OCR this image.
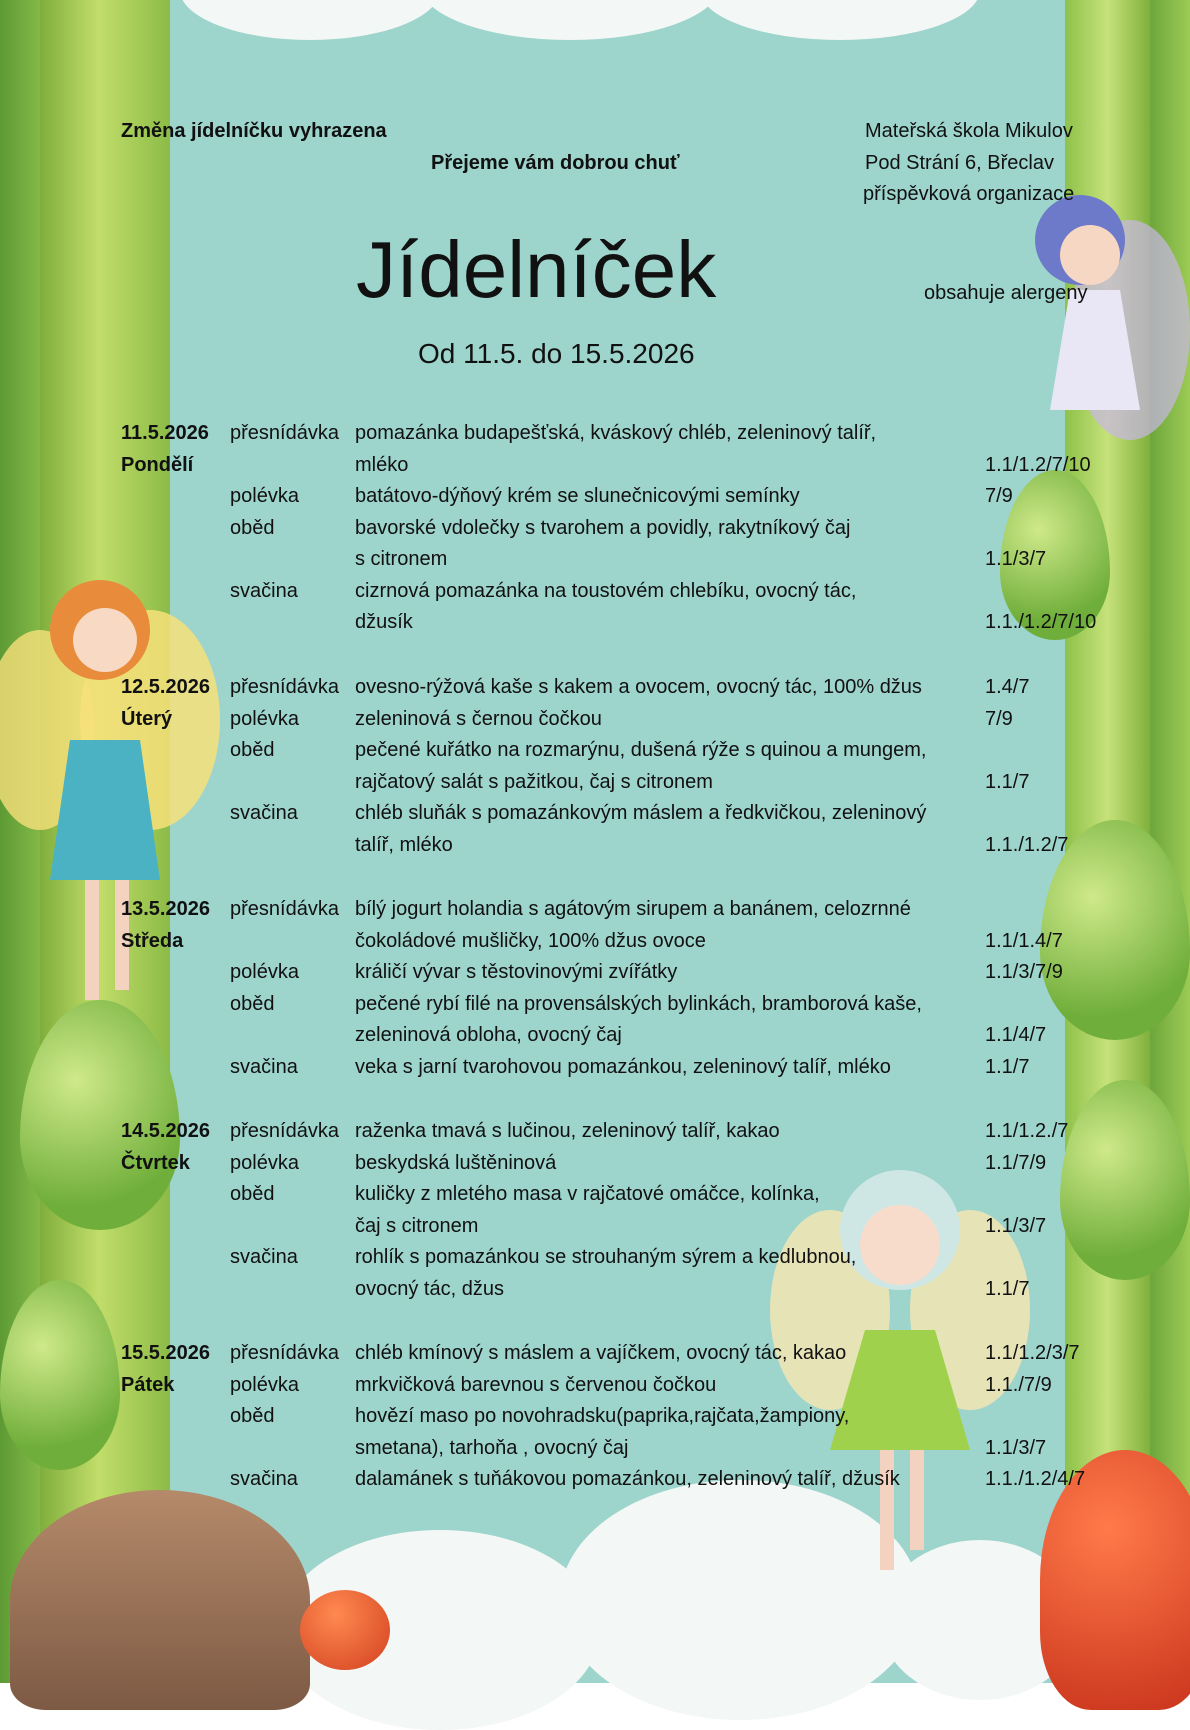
Změna jídelníčku vyhrazena
Přejeme vám dobrou chuť
Mateřská škola Mikulov
Pod Strání 6, Břeclav
příspěvková organizace
Jídelníček	obsahuje alergeny
Od 11.5. do 15.5.2026
11.5.2026
Pondělí
přesnídávka pomazánka budapešťská, kváskový chléb, zeleninový talíř,
mléko	1.1/1.2/7/10
polévka	batátovo-dýňový krém se slunečnicovými semínky	7/9
oběd	bavorské vdolečky s tvarohem a povidly, rakytníkový čaj
s citronem	1.1/3/7
svačina	cizrnová pomazánka na toustovém chlebíku, ovocný tác,
džusík	1.1./1.2/7/10
12.5.2026
Úterý
přesnídávka ovesno-rýžová kaše s kakem a ovocem, ovocný tác, 100% džus	1.4/7
polévka	zeleninová s černou čočkou	7/9
oběd	pečené kuřátko na rozmarýnu, dušená rýže s quinou a mungem,
rajčatový salát s pažitkou, čaj s citronem	1.1/7
svačina	chléb sluňák s pomazánkovým máslem a ředkvičkou, zeleninový
talíř, mléko	1.1./1.2/7
13.5.2026
Středa
přesnídávka bílý jogurt holandia s agátovým sirupem a banánem, celozrnné
čokoládové mušličky, 100% džus ovoce	1.1/1.4/7
polévka	králičí vývar s těstovinovými zvířátky	1.1/3/7/9
oběd	pečené rybí filé na provensálských bylinkách, bramborová kaše,
zeleninová obloha, ovocný čaj	1.1/4/7
svačina	veka s jarní tvarohovou pomazánkou, zeleninový talíř, mléko	1.1/7
14.5.2026
Čtvrtek
přesnídávka raženka tmavá s lučinou, zeleninový talíř, kakao	1.1/1.2./7
polévka	beskydská luštěninová	1.1/7/9
oběd	kuličky z mletého masa v rajčatové omáčce, kolínka,
čaj s citronem	1.1/3/7
svačina	rohlík s pomazánkou se strouhaným sýrem a kedlubnou,
ovocný tác, džus	1.1/7
15.5.2026
Pátek
přesnídávka chléb kmínový s máslem a vajíčkem, ovocný tác, kakao	1.1/1.2/3/7
polévka	mrkvičková barevnou s červenou čočkou	1.1./7/9
oběd	hovězí maso po novohradsku(paprika,rajčata,žampiony,
smetana), tarhoňa , ovocný čaj	1.1/3/7
svačina	dalamánek s tuňákovou pomazánkou, zeleninový talíř, džusík	1.1./1.2/4/7
